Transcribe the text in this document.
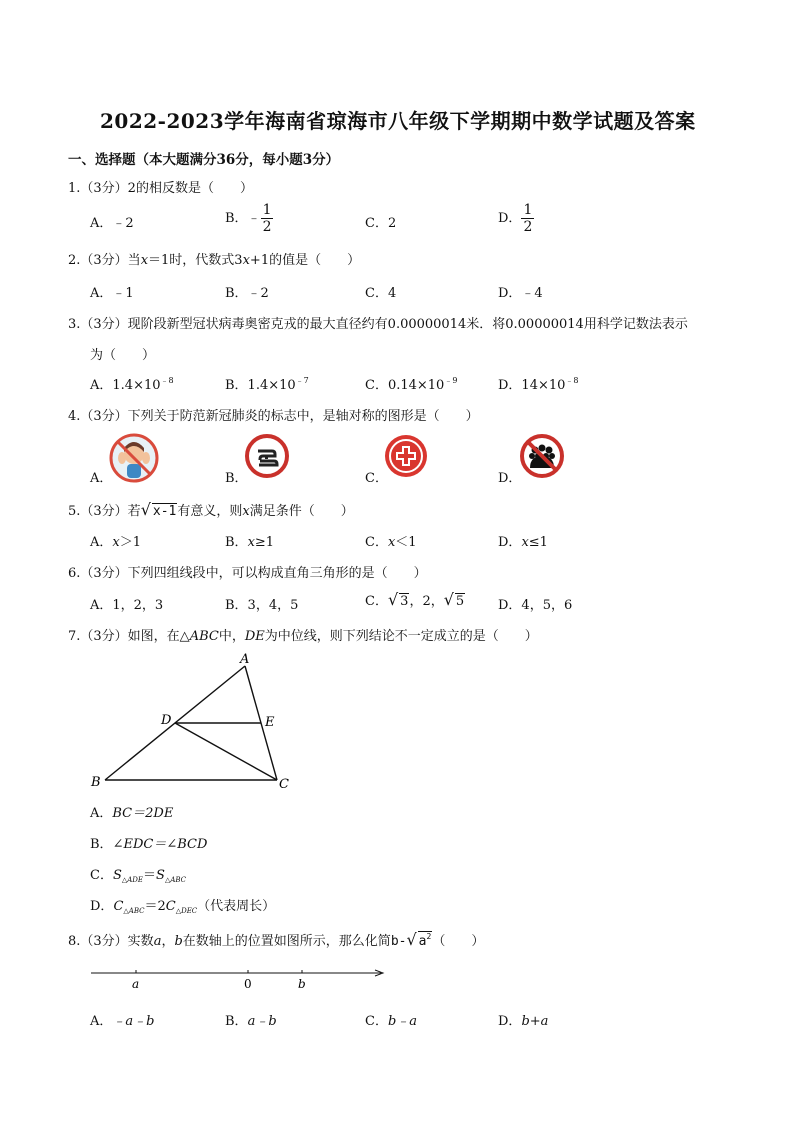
2022-2023学年海南省琼海市八年级下学期期中数学试题及答案
一、选择题（本大题满分36分，每小题3分）
1.（3分）2的相反数是（　　）
A．﹣2	B．﹣ $\frac{1}{2}$	C．2	D． $\frac{1}{2}$
2.（3分）当x＝1时，代数式3x+1的值是（　　）
A．﹣1	B．﹣2	C．4	D．﹣4
3.（3分）现阶段新型冠状病毒奥密克戎的最大直径约有0.00000014米．将0.00000014用科学记数法表示
为（　　）
A．$1.4\times 10^{﹣8}$	B．$1.4\times 10^{﹣7}$	C．$0.14\times 10^{﹣9}$	D．$14\times 10^{﹣8}$
4.（3分）下列关于防范新冠肺炎的标志中，是轴对称的图形是（　　）
A．	B．	C．	D．
5.（3分）若√ x-1有意义，则x满足条件（　　）
A．x＞1	B．x≥1	C．x＜1	D．x≤1
6.（3分）下列四组线段中，可以构成直角三角形的是（　　）
A．1，2，3	B．3，4，5	C．√ 3，2，√ 5	D．4，5，6
7.（3分）如图，在△ABC中，DE为中位线，则下列结论不一定成立的是（　　）
A
B	C
D	E
A．BC＝2DE
B．∠EDC＝∠BCD
C．$S_{\triangle ADE}=S_{\triangle ABC}$
D．$C_{\triangle ABC}=2C_{\triangle DEC}$（代表周长）
8.（3分）实数a，b在数轴上的位置如图所示，那么化简b-√ $a^2$（　　）
a	0	b
A．﹣a﹣b	B．a﹣b	C．b﹣a	D．b+a
